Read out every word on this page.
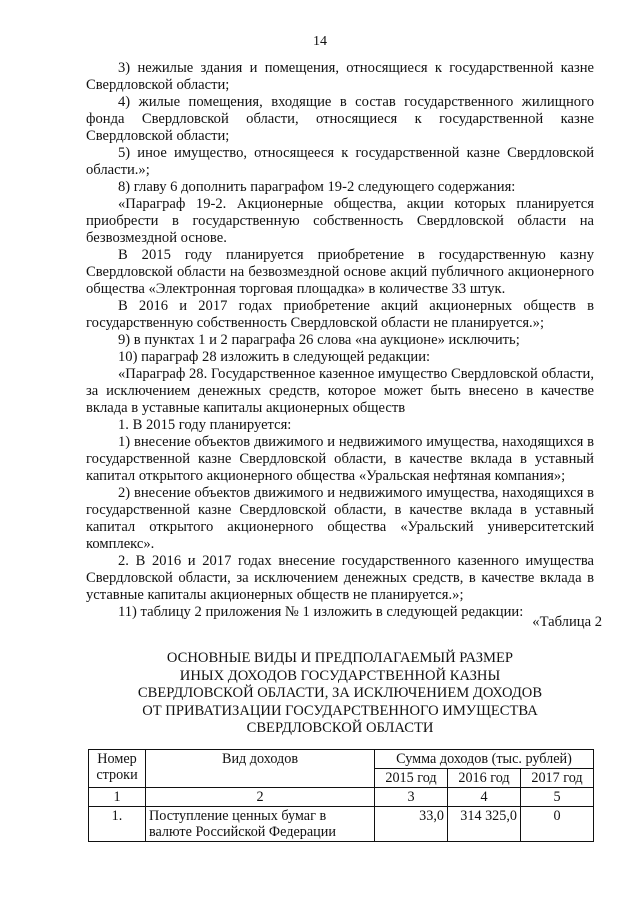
14

3) нежилые здания и помещения, относящиеся к государственной казне Свердловской области;

4) жилые помещения, входящие в состав государственного жилищного фонда Свердловской области, относящиеся к государственной казне Свердловской области;

5) иное имущество, относящееся к государственной казне Свердловской области.»;

8) главу 6 дополнить параграфом 19-2 следующего содержания:

«Параграф 19-2. Акционерные общества, акции которых планируется приобрести в государственную собственность Свердловской области на безвозмездной основе.

В 2015 году планируется приобретение в государственную казну Свердловской области на безвозмездной основе акций публичного акционерного общества «Электронная торговая площадка» в количестве 33 штук.

В 2016 и 2017 годах приобретение акций акционерных обществ в государственную собственность Свердловской области не планируется.»;

9) в пунктах 1 и 2 параграфа 26 слова «на аукционе» исключить;

10) параграф 28 изложить в следующей редакции:

«Параграф 28. Государственное казенное имущество Свердловской области, за исключением денежных средств, которое может быть внесено в качестве вклада в уставные капиталы акционерных обществ

1. В 2015 году планируется:

1) внесение объектов движимого и недвижимого имущества, находящихся в государственной казне Свердловской области, в качестве вклада в уставный капитал открытого акционерного общества «Уральская нефтяная компания»;

2) внесение объектов движимого и недвижимого имущества, находящихся в государственной казне Свердловской области, в качестве вклада в уставный капитал открытого акционерного общества «Уральский университетский комплекс».

2. В 2016 и 2017 годах внесение государственного казенного имущества Свердловской области, за исключением денежных средств, в качестве вклада в уставные капиталы акционерных обществ не планируется.»;

11) таблицу 2 приложения № 1 изложить в следующей редакции:

«Таблица 2
ОСНОВНЫЕ ВИДЫ И ПРЕДПОЛАГАЕМЫЙ РАЗМЕР
ИНЫХ ДОХОДОВ ГОСУДАРСТВЕННОЙ КАЗНЫ
СВЕРДЛОВСКОЙ ОБЛАСТИ, ЗА ИСКЛЮЧЕНИЕМ ДОХОДОВ
ОТ ПРИВАТИЗАЦИИ ГОСУДАРСТВЕННОГО ИМУЩЕСТВА
СВЕРДЛОВСКОЙ ОБЛАСТИ
Номер строки	Вид доходов	Сумма доходов (тыс. рублей)		
		2015 год	2016 год	2017 год
1	2	3	4	5
1.	Поступление ценных бумаг в валюте Российской Федерации	33,0	314 325,0	0
